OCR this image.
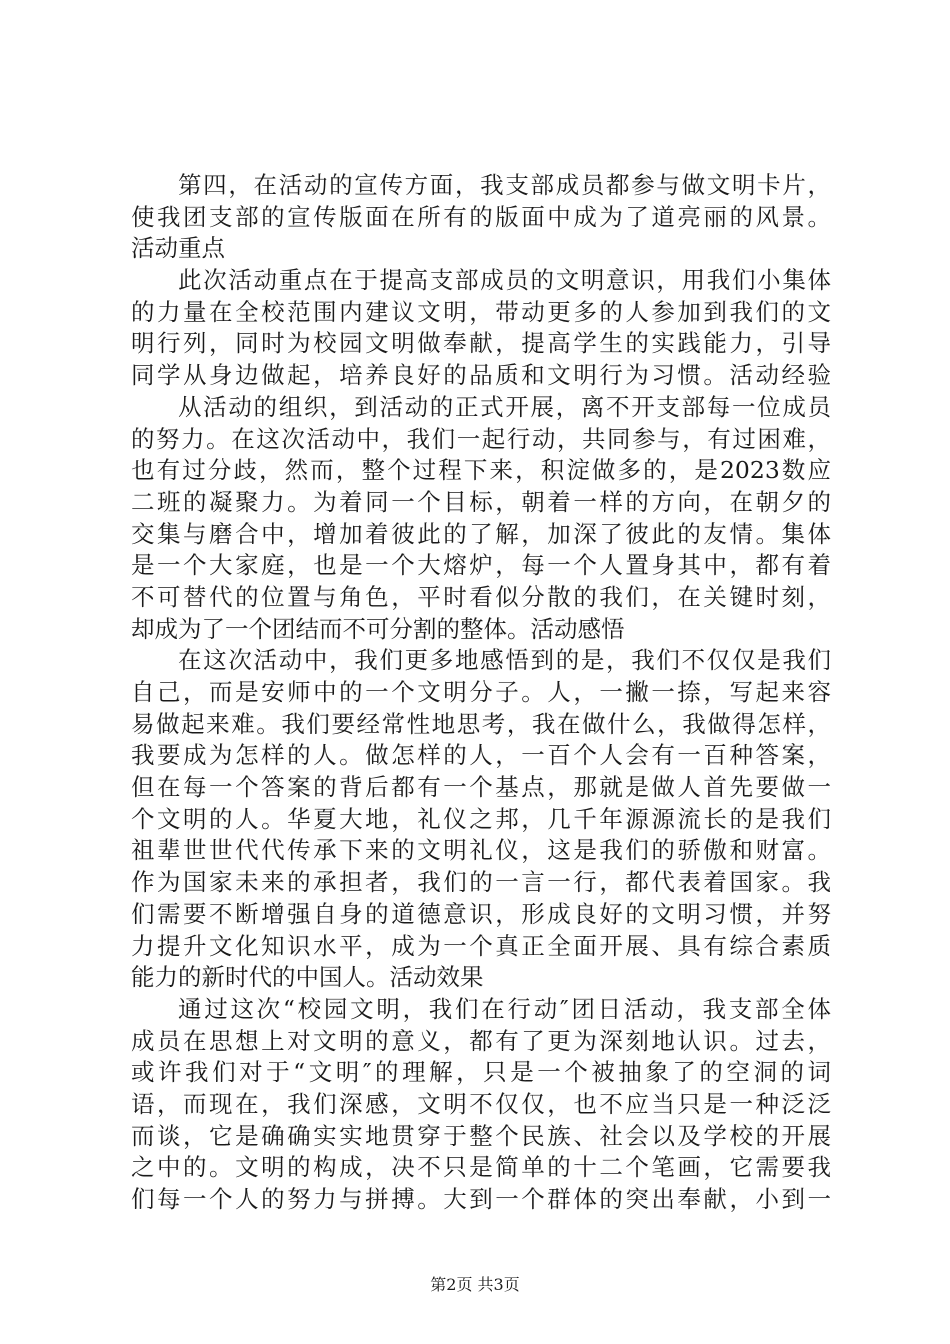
第四，在活动的宣传方面，我支部成员都参与做文明卡片，
使我团支部的宣传版面在所有的版面中成为了道亮丽的风景。
活动重点
此次活动重点在于提高支部成员的文明意识，用我们小集体
的力量在全校范围内建议文明，带动更多的人参加到我们的文
明行列，同时为校园文明做奉献，提高学生的实践能力，引导
同学从身边做起，培养良好的品质和文明行为习惯。活动经验
从活动的组织，到活动的正式开展，离不开支部每一位成员
的努力。在这次活动中，我们一起行动，共同参与，有过困难，
也有过分歧，然而，整个过程下来，积淀做多的，是2023数应
二班的凝聚力。为着同一个目标，朝着一样的方向，在朝夕的
交集与磨合中，增加着彼此的了解，加深了彼此的友情。集体
是一个大家庭，也是一个大熔炉，每一个人置身其中，都有着
不可替代的位置与角色，平时看似分散的我们，在关键时刻，
却成为了一个团结而不可分割的整体。活动感悟
在这次活动中，我们更多地感悟到的是，我们不仅仅是我们
自己，而是安师中的一个文明分子。人，一撇一捺，写起来容
易做起来难。我们要经常性地思考，我在做什么，我做得怎样，
我要成为怎样的人。做怎样的人，一百个人会有一百种答案，
但在每一个答案的背后都有一个基点，那就是做人首先要做一
个文明的人。华夏大地，礼仪之邦，几千年源源流长的是我们
祖辈世世代代传承下来的文明礼仪，这是我们的骄傲和财富。
作为国家未来的承担者，我们的一言一行，都代表着国家。我
们需要不断增强自身的道德意识，形成良好的文明习惯，并努
力提升文化知识水平，成为一个真正全面开展、具有综合素质
能力的新时代的中国人。活动效果
通过这次“校园文明，我们在行动″团日活动，我支部全体
成员在思想上对文明的意义，都有了更为深刻地认识。过去，
或许我们对于“文明″的理解，只是一个被抽象了的空洞的词
语，而现在，我们深感，文明不仅仅，也不应当只是一种泛泛
而谈，它是确确实实地贯穿于整个民族、社会以及学校的开展
之中的。文明的构成，决不只是简单的十二个笔画，它需要我
们每一个人的努力与拼搏。大到一个群体的突出奉献，小到一
第2页 共3页
